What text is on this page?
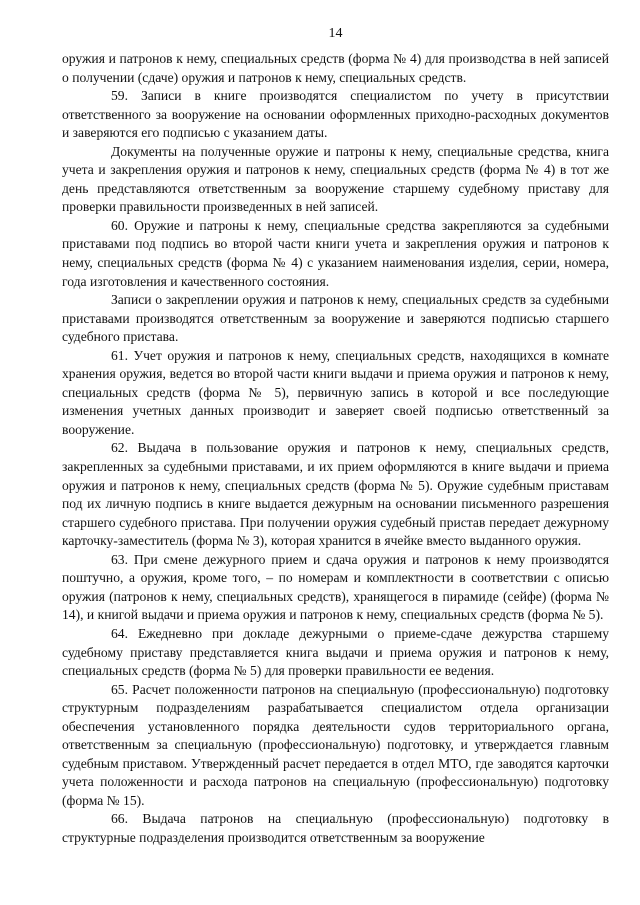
14

оружия и патронов к нему, специальных средств (форма № 4) для производства в ней записей о получении (сдаче) оружия и патронов к нему, специальных средств.

59. Записи в книге производятся специалистом по учету в присутствии ответственного за вооружение на основании оформленных приходно-расходных документов и заверяются его подписью с указанием даты.

Документы на полученные оружие и патроны к нему, специальные средства, книга учета и закрепления оружия и патронов к нему, специальных средств (форма № 4) в тот же день представляются ответственным за вооружение старшему судебному приставу для проверки правильности произведенных в ней записей.

60. Оружие и патроны к нему, специальные средства закрепляются за судебными приставами под подпись во второй части книги учета и закрепления оружия и патронов к нему, специальных средств (форма № 4) с указанием наименования изделия, серии, номера, года изготовления и качественного состояния.

Записи о закреплении оружия и патронов к нему, специальных средств за судебными приставами производятся ответственным за вооружение и заверяются подписью старшего судебного пристава.

61. Учет оружия и патронов к нему, специальных средств, находящихся в комнате хранения оружия, ведется во второй части книги выдачи и приема оружия и патронов к нему, специальных средств (форма № 5), первичную запись в которой и все последующие изменения учетных данных производит и заверяет своей подписью ответственный за вооружение.

62. Выдача в пользование оружия и патронов к нему, специальных средств, закрепленных за судебными приставами, и их прием оформляются в книге выдачи и приема оружия и патронов к нему, специальных средств (форма № 5). Оружие судебным приставам под их личную подпись в книге выдается дежурным на основании письменного разрешения старшего судебного пристава. При получении оружия судебный пристав передает дежурному карточку-заместитель (форма № 3), которая хранится в ячейке вместо выданного оружия.

63. При смене дежурного прием и сдача оружия и патронов к нему производятся поштучно, а оружия, кроме того, – по номерам и комплектности в соответствии с описью оружия (патронов к нему, специальных средств), хранящегося в пирамиде (сейфе) (форма № 14), и книгой выдачи и приема оружия и патронов к нему, специальных средств (форма № 5).

64. Ежедневно при докладе дежурными о приеме-сдаче дежурства старшему судебному приставу представляется книга выдачи и приема оружия и патронов к нему, специальных средств (форма № 5) для проверки правильности ее ведения.

65. Расчет положенности патронов на специальную (профессиональную) подготовку структурным подразделениям разрабатывается специалистом отдела организации обеспечения установленного порядка деятельности судов территориального органа, ответственным за специальную (профессиональную) подготовку, и утверждается главным судебным приставом. Утвержденный расчет передается в отдел МТО, где заводятся карточки учета положенности и расхода патронов на специальную (профессиональную) подготовку (форма № 15).

66. Выдача патронов на специальную (профессиональную) подготовку в структурные подразделения производится ответственным за вооружение
